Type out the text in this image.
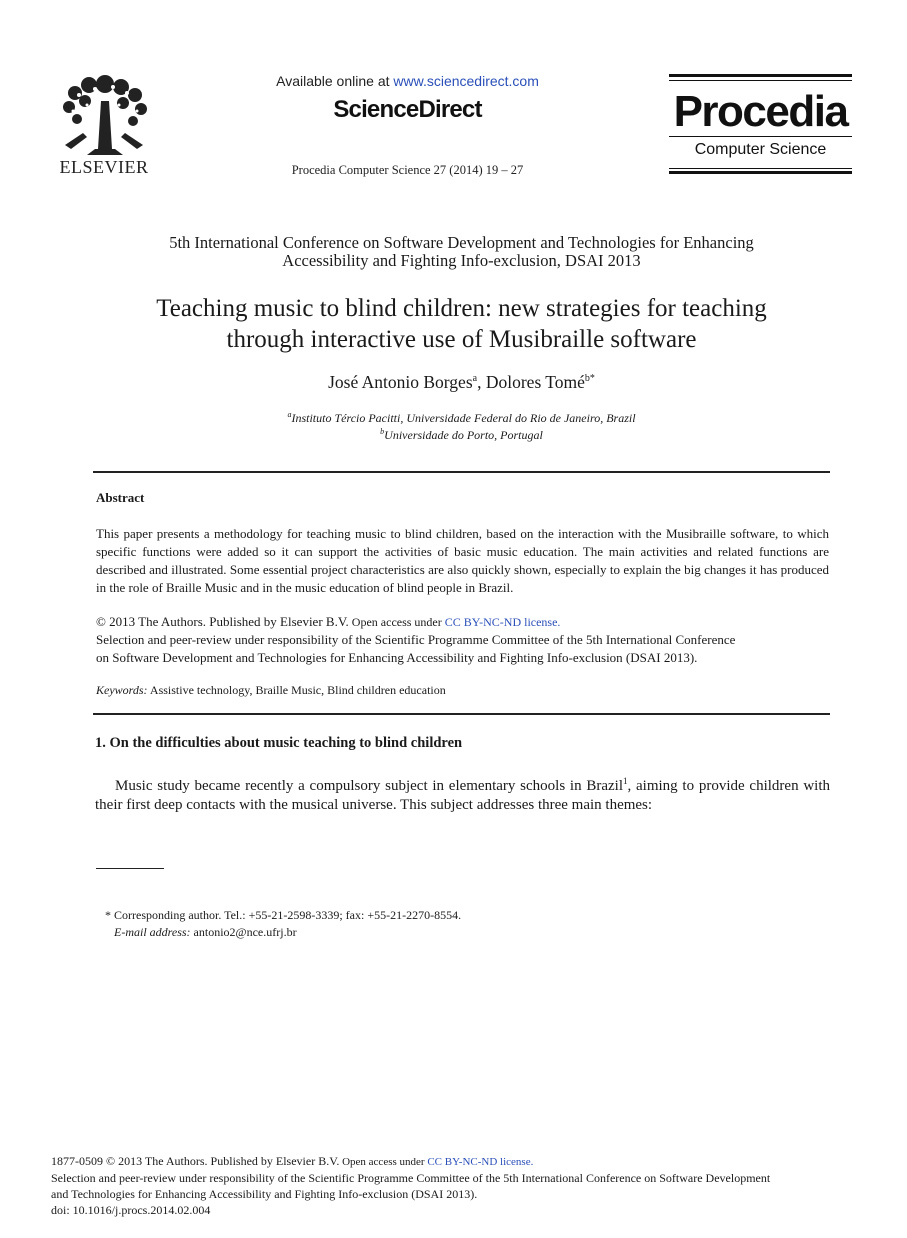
ELSEVIER
Available online at www.sciencedirect.com
ScienceDirect
Procedia Computer Science 27 (2014) 19 – 27
Procedia
Computer Science
5th International Conference on Software Development and Technologies for Enhancing
Accessibility and Fighting Info-exclusion, DSAI 2013
Teaching music to blind children: new strategies for teaching
through interactive use of Musibraille software
José Antonio Borges$^a$, Dolores Tomé$^{b*}$
$^a$Instituto Tércio Pacitti, Universidade Federal do Rio de Janeiro, Brazil
$^b$Universidade do Porto, Portugal
Abstract
This paper presents a methodology for teaching music to blind children, based on the interaction with the Musibraille software, to which specific functions were added so it can support the activities of basic music education. The main activities and related functions are described and illustrated. Some essential project characteristics are also quickly shown, especially to explain the big changes it has produced in the role of Braille Music and in the music education of blind people in Brazil.
© 2013 The Authors. Published by Elsevier B.V. Open access under CC BY-NC-ND license.
Selection and peer-review under responsibility of the Scientific Programme Committee of the 5th International Conference
on Software Development and Technologies for Enhancing Accessibility and Fighting Info-exclusion (DSAI 2013).
Keywords: Assistive technology, Braille Music, Blind children education
1. On the difficulties about music teaching to blind children
Music study became recently a compulsory subject in elementary schools in Brazil$^1$, aiming to provide children with their first deep contacts with the musical universe. This subject addresses three main themes:
* Corresponding author. Tel.: +55-21-2598-3339; fax: +55-21-2270-8554.
E-mail address: antonio2@nce.ufrj.br
1877-0509 © 2013 The Authors. Published by Elsevier B.V. Open access under CC BY-NC-ND license.
Selection and peer-review under responsibility of the Scientific Programme Committee of the 5th International Conference on Software Development
and Technologies for Enhancing Accessibility and Fighting Info-exclusion (DSAI 2013).
doi: 10.1016/j.procs.2014.02.004
